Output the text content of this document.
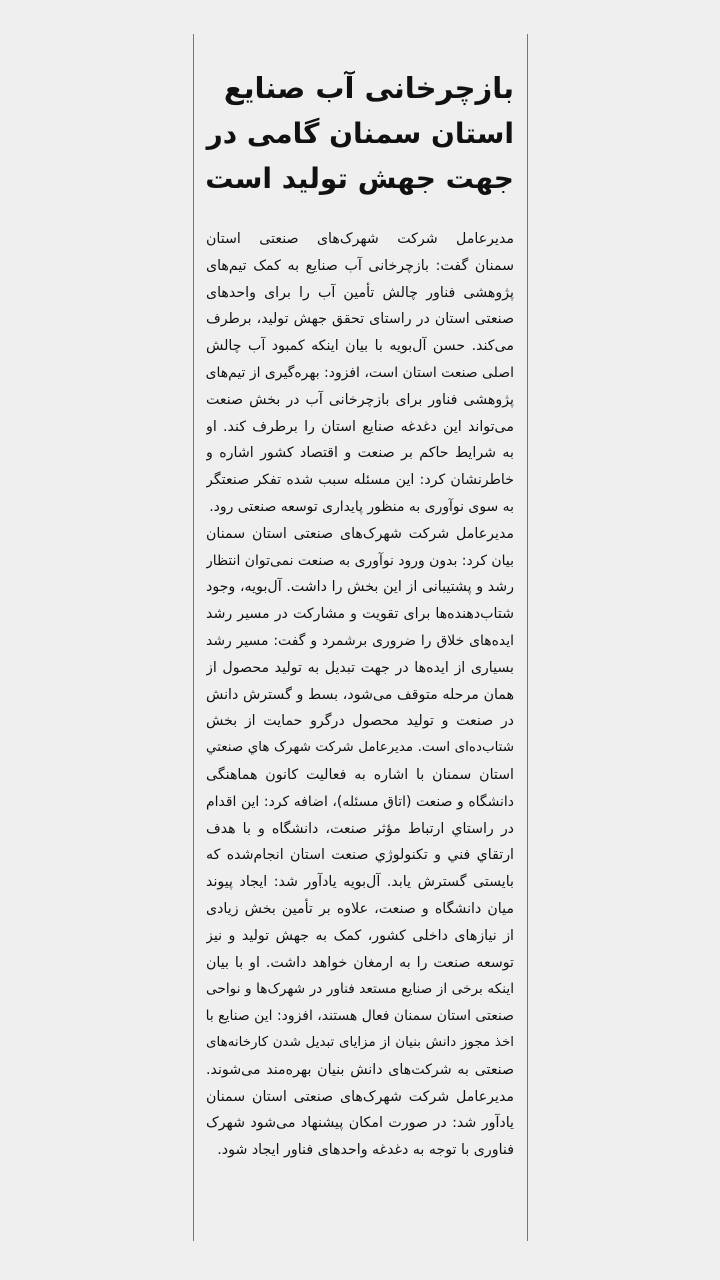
بازچرخانی آب صنایع
استان سمنان گامی در
جهت جهش تولید است
مدیرعامل شرکت شهرک‌های صنعتی استان
سمنان گفت: بازچرخانی آب صنایع به کمک تیم‌های
پژوهشی فناور چالش تأمین آب را برای واحدهای
صنعتی استان در راستای تحقق جهش تولید، برطرف
می‌کند. حسن آل‌بویه با بیان اینکه کمبود آب چالش
اصلی صنعت استان است، افزود: بهره‌گیری از تیم‌های
پژوهشی فناور برای بازچرخانی آب در بخش صنعت
می‌تواند این دغدغه صنایع استان را برطرف کند. او
به شرایط حاکم بر صنعت و اقتصاد کشور اشاره و
خاطرنشان کرد: این مسئله سبب شده تفکر صنعتگر
به سوی نوآوری به منظور پایداری توسعه صنعتی رود.
مدیرعامل شرکت شهرک‌های صنعتی استان سمنان
بیان کرد: بدون ورود نوآوری به صنعت نمی‌توان انتظار
رشد و پشتیبانی از این بخش را داشت. آل‌بویه، وجود
شتاب‌دهنده‌ها برای تقویت و مشارکت در مسیر رشد
ایده‌های خلاق را ضروری برشمرد و گفت: مسیر رشد
بسیاری از ایده‌ها در جهت تبدیل به تولید محصول از
همان مرحله متوقف می‌شود، بسط و گسترش دانش
در صنعت و تولید محصول درگرو حمایت از بخش
شتاب‌ده‌ای است. مدیرعامل شرکت شهرک هاي صنعتي
استان سمنان با اشاره به فعالیت کانون هماهنگی
دانشگاه و صنعت (اتاق مسئله)، اضافه کرد: این اقدام
در راستاي ارتباط مؤثر صنعت، دانشگاه و با هدف
ارتقاي فني و تکنولوژي صنعت استان انجام‌شده که
بایستی گسترش یابد. آل‌بویه یادآور شد: ایجاد پیوند
میان دانشگاه و صنعت، علاوه بر تأمین بخش زیادی
از نیازهای داخلی کشور، کمک به جهش تولید و نیز
توسعه صنعت را به ارمغان خواهد داشت. او با بیان
اینکه برخی از صنایع مستعد فناور در شهرک‌ها و نواحی
صنعتی استان سمنان فعال هستند، افزود: این صنایع با
اخذ مجوز دانش بنیان از مزایای تبدیل شدن کارخانه‌های
صنعتی به شرکت‌های دانش بنیان بهره‌مند می‌شوند.
مدیرعامل شرکت شهرک‌های صنعتی استان سمنان
یادآور شد: در صورت امکان پیشنهاد می‌شود شهرک
فناوری با توجه به دغدغه واحدهای فناور ایجاد شود.
